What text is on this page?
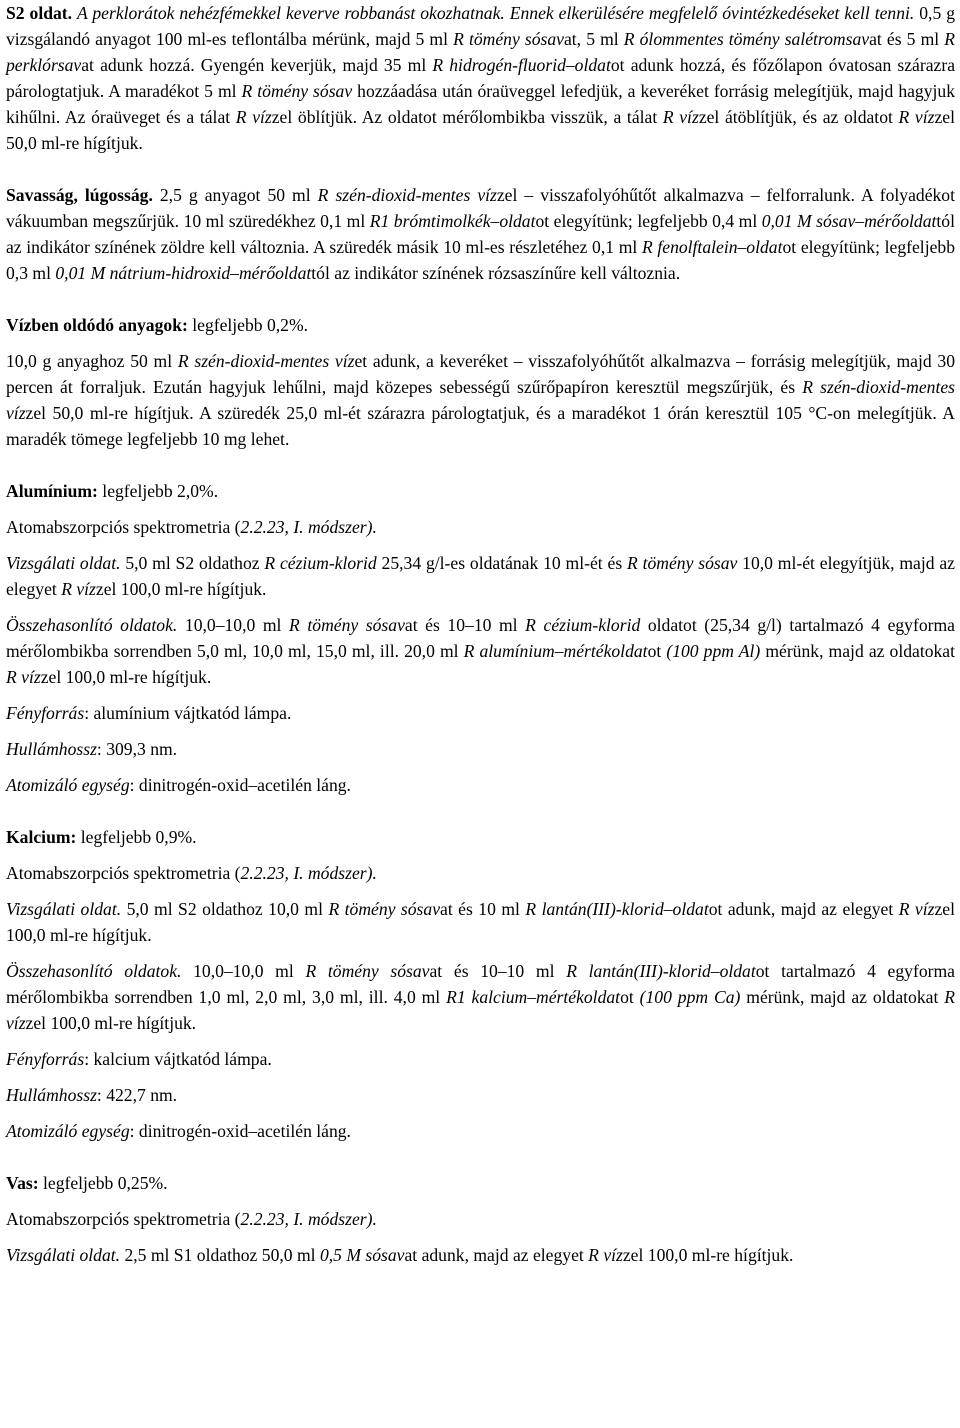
S2 oldat. A perklorátok nehézfémekkel keverve robbanást okozhatnak. Ennek elkerülésére megfelelő óvintézkedéseket kell tenni. 0,5 g vizsgálandó anyagot 100 ml-es teflontálba mérünk, majd 5 ml R tömény sósavat, 5 ml R ólommentes tömény salétromsavat és 5 ml R perklórsavat adunk hozzá. Gyengén keverjük, majd 35 ml R hidrogén-fluorid–oldatot adunk hozzá, és főzőlapon óvatosan szárazra párologtatjuk. A maradékot 5 ml R tömény sósav hozzáadása után óraüveggel lefedjük, a keveréket forrásig melegítjük, majd hagyjuk kihűlni. Az óraüveget és a tálat R vízzel öblítjük. Az oldatot mérőlombikba visszük, a tálat R vízzel átöblítjük, és az oldatot R vízzel 50,0 ml-re hígítjuk.

Savasság, lúgosság. 2,5 g anyagot 50 ml R szén-dioxid-mentes vízzel – visszafolyóhűtőt alkalmazva – felforralunk. A folyadékot vákuumban megszűrjük. 10 ml szüredékhez 0,1 ml R1 brómtimolkék–oldatot elegyítünk; legfeljebb 0,4 ml 0,01 M sósav–mérőoldattól az indikátor színének zöldre kell változnia. A szüredék másik 10 ml-es részletéhez 0,1 ml R fenolftalein–oldatot elegyítünk; legfeljebb 0,3 ml 0,01 M nátrium-hidroxid–mérőoldattól az indikátor színének rózsaszínűre kell változnia.

Vízben oldódó anyagok: legfeljebb 0,2%.

10,0 g anyaghoz 50 ml R szén-dioxid-mentes vízet adunk, a keveréket – visszafolyóhűtőt alkalmazva – forrásig melegítjük, majd 30 percen át forraljuk. Ezután hagyjuk lehűlni, majd közepes sebességű szűrőpapíron keresztül megszűrjük, és R szén-dioxid-mentes vízzel 50,0 ml-re hígítjuk. A szüredék 25,0 ml-ét szárazra párologtatjuk, és a maradékot 1 órán keresztül 105 °C-on melegítjük. A maradék tömege legfeljebb 10 mg lehet.

Alumínium: legfeljebb 2,0%.

Atomabszorpciós spektrometria (2.2.23, I. módszer).

Vizsgálati oldat. 5,0 ml S2 oldathoz R cézium-klorid 25,34 g/l-es oldatának 10 ml-ét és R tömény sósav 10,0 ml-ét elegyítjük, majd az elegyet R vízzel 100,0 ml-re hígítjuk.

Összehasonlító oldatok. 10,0–10,0 ml R tömény sósavat és 10–10 ml R cézium-klorid oldatot (25,34 g/l) tartalmazó 4 egyforma mérőlombikba sorrendben 5,0 ml, 10,0 ml, 15,0 ml, ill. 20,0 ml R alumínium–mértékoldatot (100 ppm Al) mérünk, majd az oldatokat R vízzel 100,0 ml-re hígítjuk.

Fényforrás: alumínium vájtkatód lámpa.

Hullámhossz: 309,3 nm.

Atomizáló egység: dinitrogén-oxid–acetilén láng.

Kalcium: legfeljebb 0,9%.

Atomabszorpciós spektrometria (2.2.23, I. módszer).

Vizsgálati oldat. 5,0 ml S2 oldathoz 10,0 ml R tömény sósavat és 10 ml R lantán(III)-klorid–oldatot adunk, majd az elegyet R vízzel 100,0 ml-re hígítjuk.

Összehasonlító oldatok. 10,0–10,0 ml R tömény sósavat és 10–10 ml R lantán(III)-klorid–oldatot tartalmazó 4 egyforma mérőlombikba sorrendben 1,0 ml, 2,0 ml, 3,0 ml, ill. 4,0 ml R1 kalcium–mértékoldatot (100 ppm Ca) mérünk, majd az oldatokat R vízzel 100,0 ml-re hígítjuk.

Fényforrás: kalcium vájtkatód lámpa.

Hullámhossz: 422,7 nm.

Atomizáló egység: dinitrogén-oxid–acetilén láng.

Vas: legfeljebb 0,25%.

Atomabszorpciós spektrometria (2.2.23, I. módszer).

Vizsgálati oldat. 2,5 ml S1 oldathoz 50,0 ml 0,5 M sósavat adunk, majd az elegyet R vízzel 100,0 ml-re hígítjuk.
